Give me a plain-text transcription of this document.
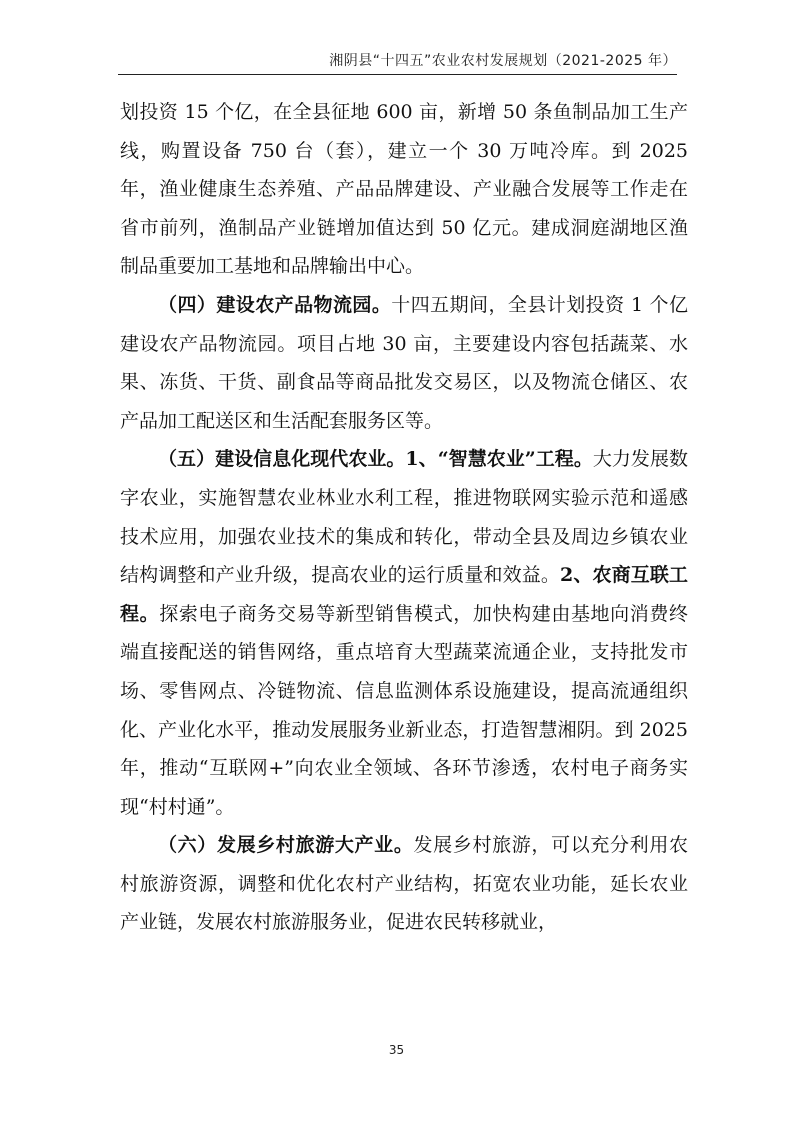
湘阴县“十四五”农业农村发展规划（2021-2025 年）

划投资 15 个亿，在全县征地 600 亩，新增 50 条鱼制品加工生产线，购置设备 750 台（套），建立一个 30 万吨冷库。到 2025 年，渔业健康生态养殖、产品品牌建设、产业融合发展等工作走在省市前列，渔制品产业链增加值达到 50 亿元。建成洞庭湖地区渔制品重要加工基地和品牌输出中心。

（四）建设农产品物流园。十四五期间，全县计划投资 1 个亿建设农产品物流园。项目占地 30 亩，主要建设内容包括蔬菜、水果、冻货、干货、副食品等商品批发交易区，以及物流仓储区、农产品加工配送区和生活配套服务区等。

（五）建设信息化现代农业。1、“智慧农业”工程。大力发展数字农业，实施智慧农业林业水利工程，推进物联网实验示范和遥感技术应用，加强农业技术的集成和转化，带动全县及周边乡镇农业结构调整和产业升级，提高农业的运行质量和效益。2、农商互联工程。探索电子商务交易等新型销售模式，加快构建由基地向消费终端直接配送的销售网络，重点培育大型蔬菜流通企业，支持批发市场、零售网点、冷链物流、信息监测体系设施建设，提高流通组织化、产业化水平，推动发展服务业新业态，打造智慧湘阴。到 2025 年，推动“互联网+”向农业全领域、各环节渗透，农村电子商务实现“村村通”。

（六）发展乡村旅游大产业。发展乡村旅游，可以充分利用农村旅游资源，调整和优化农村产业结构，拓宽农业功能，延长农业产业链，发展农村旅游服务业，促进农民转移就业，

35
